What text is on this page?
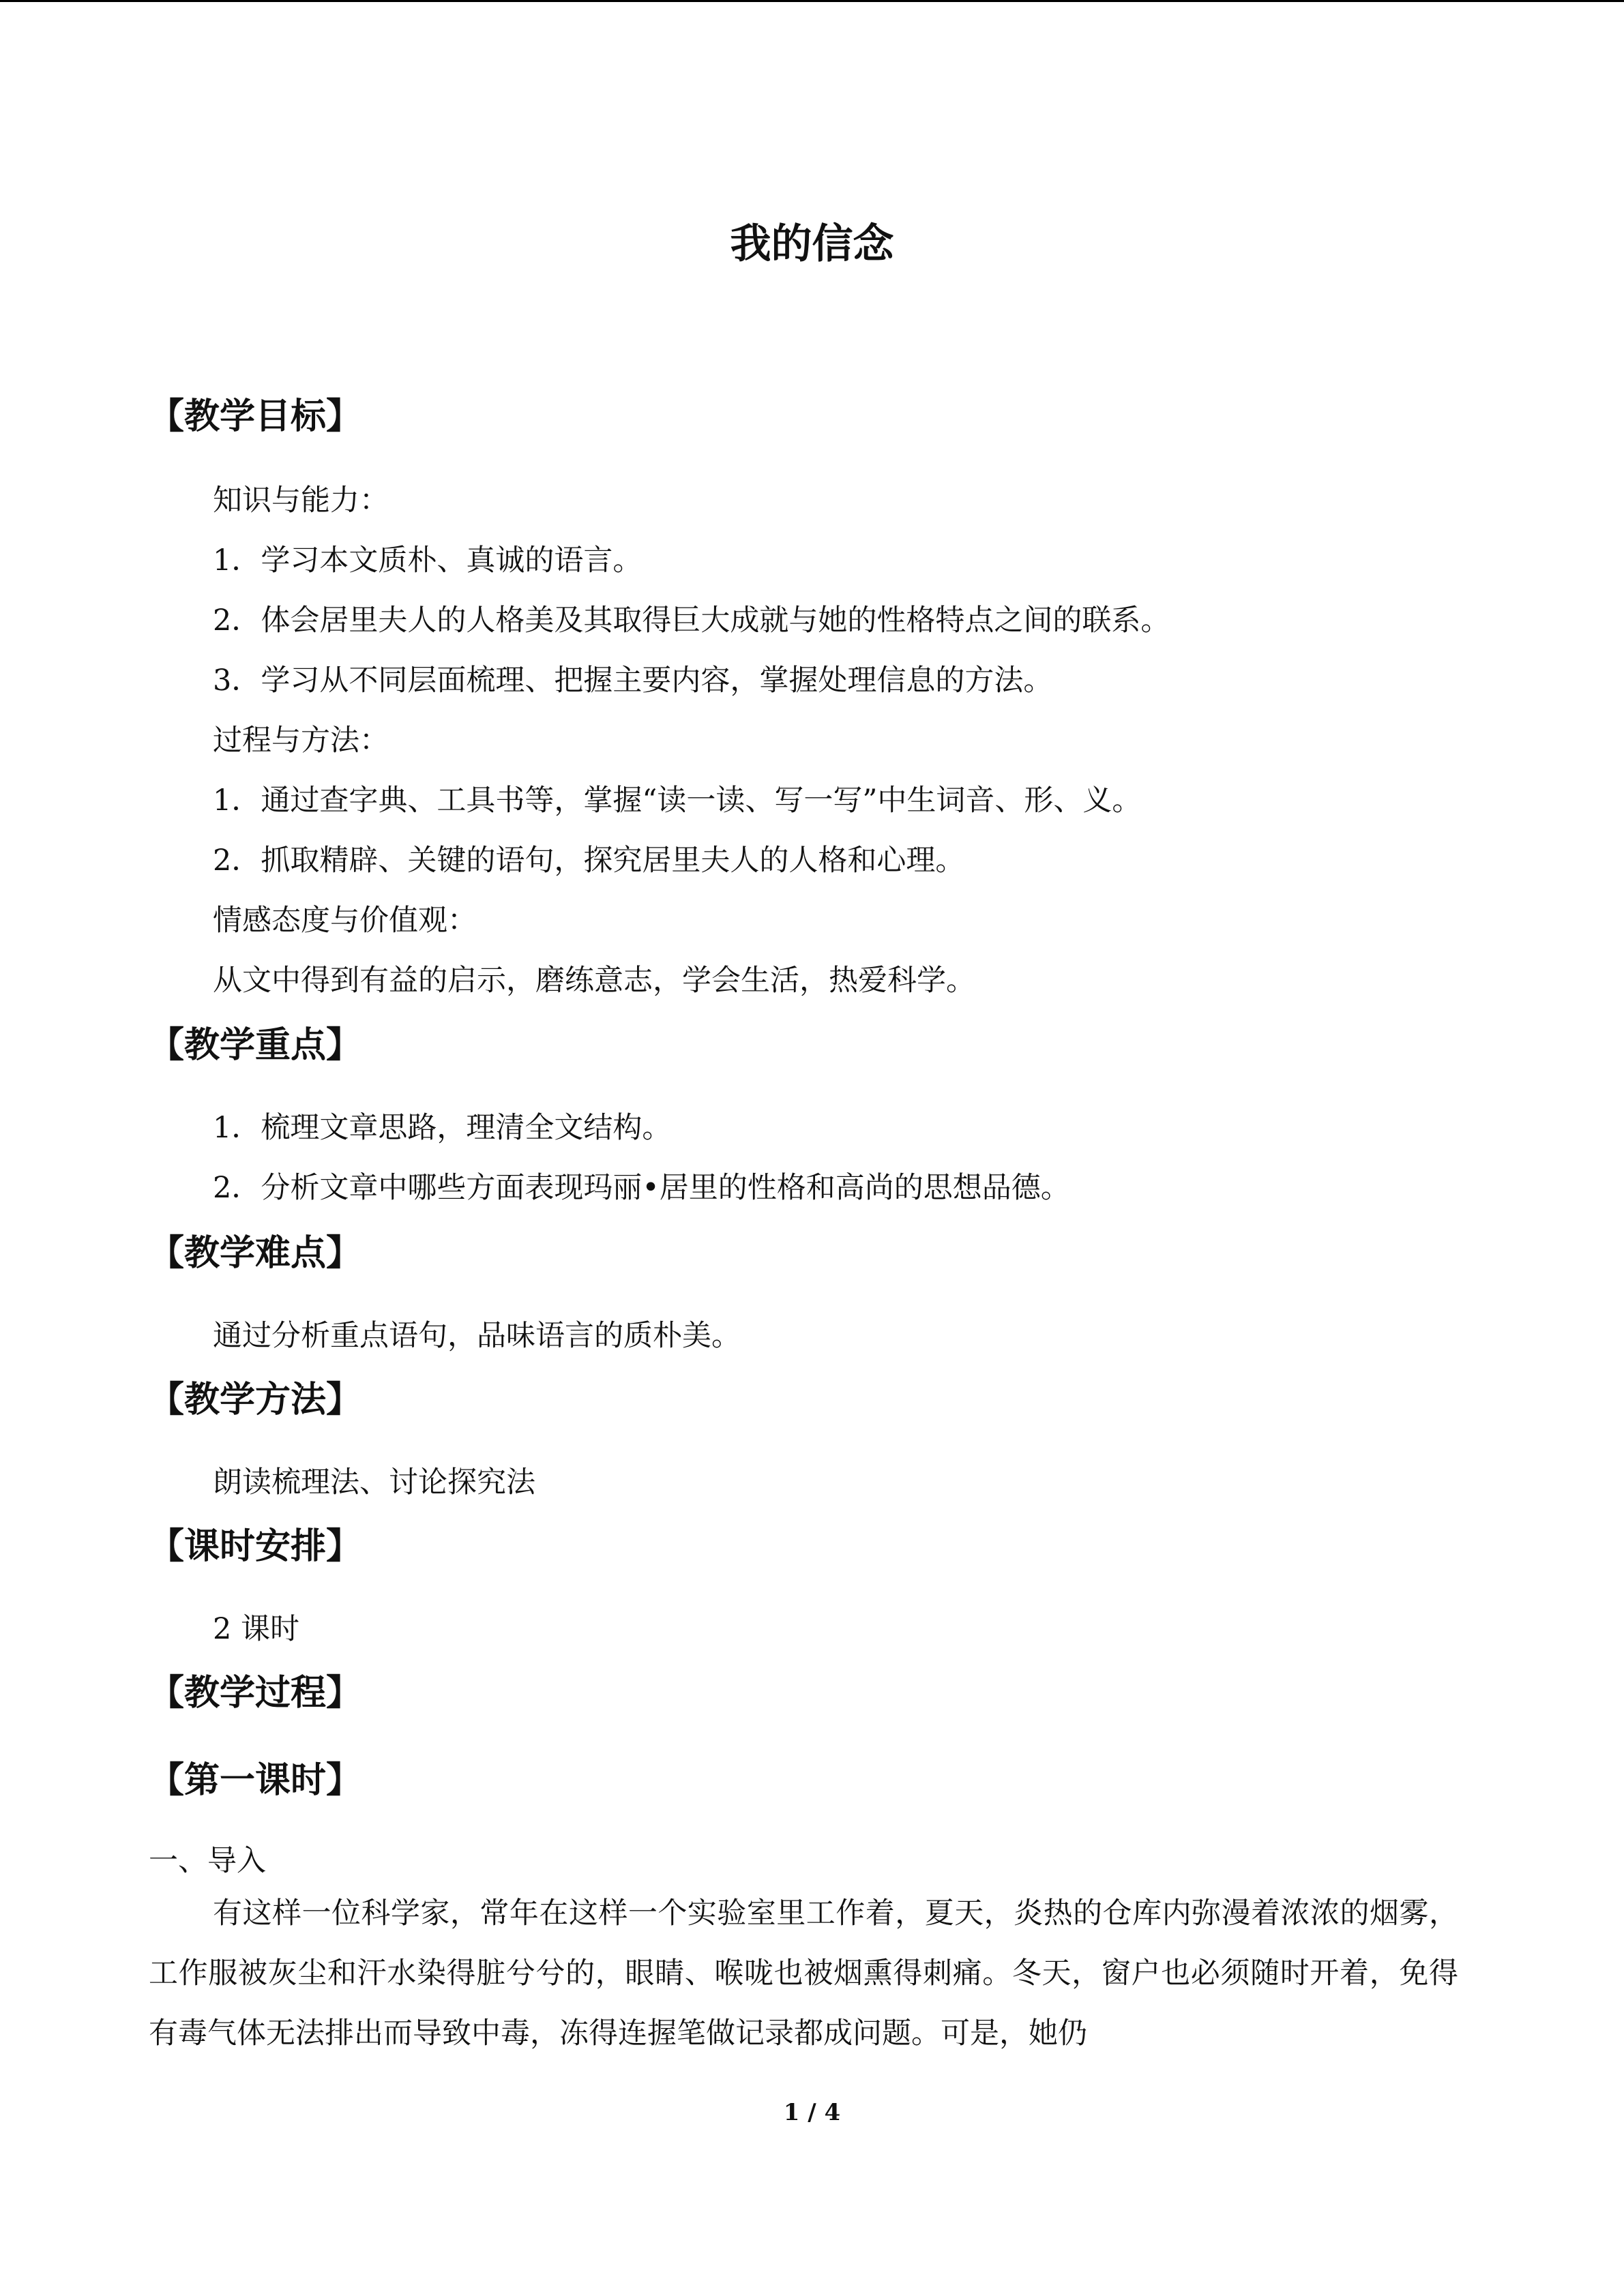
我的信念
【教学目标】
知识与能力：
1．学习本文质朴、真诚的语言。
2．体会居里夫人的人格美及其取得巨大成就与她的性格特点之间的联系。
3．学习从不同层面梳理、把握主要内容，掌握处理信息的方法。
过程与方法：
1．通过查字典、工具书等，掌握“读一读、写一写”中生词音、形、义。
2．抓取精辟、关键的语句，探究居里夫人的人格和心理。
情感态度与价值观：
从文中得到有益的启示，磨练意志，学会生活，热爱科学。
【教学重点】
1．梳理文章思路，理清全文结构。
2．分析文章中哪些方面表现玛丽•居里的性格和高尚的思想品德。
【教学难点】
通过分析重点语句，品味语言的质朴美。
【教学方法】
朗读梳理法、讨论探究法
【课时安排】
2 课时
【教学过程】
【第一课时】
一、导入
有这样一位科学家，常年在这样一个实验室里工作着，夏天，炎热的仓库内弥漫着浓浓的烟雾，工作服被灰尘和汗水染得脏兮兮的，眼睛、喉咙也被烟熏得刺痛。冬天，窗户也必须随时开着，免得有毒气体无法排出而导致中毒，冻得连握笔做记录都成问题。可是，她仍
1 / 4
